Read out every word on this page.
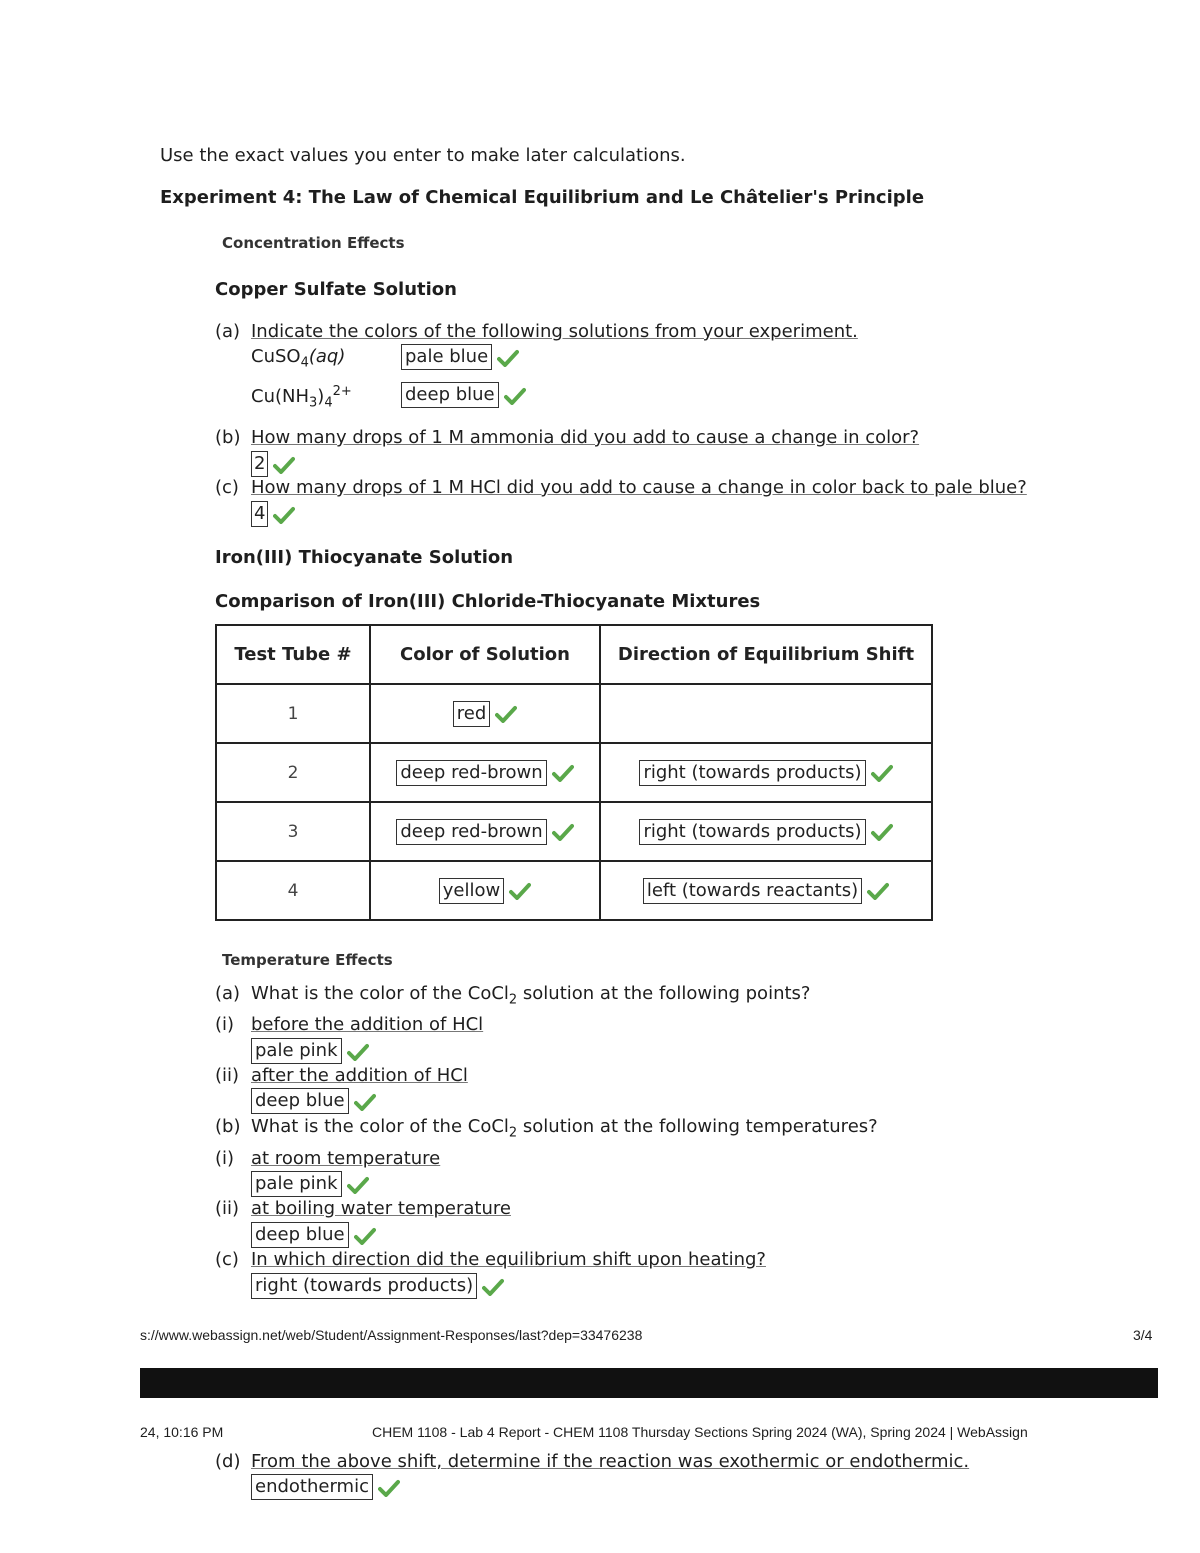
Use the exact values you enter to make later calculations.
Experiment 4: The Law of Chemical Equilibrium and Le Châtelier's Principle
Concentration Effects
Copper Sulfate Solution
(a) Indicate the colors of the following solutions from your experiment.
CuSO$_4$(aq)	pale blue
$Cu(NH_3)_4^{2+}$	deep blue
(b) How many drops of 1 M ammonia did you add to cause a change in color?
2
(c) How many drops of 1 M HCl did you add to cause a change in color back to pale blue?
4
Iron(III) Thiocyanate Solution
Comparison of Iron(III) Chloride-Thiocyanate Mixtures
Test Tube #	Color of Solution	Direction of Equilibrium Shift
1	red

2	deep red-brown	right (towards products)

3	deep red-brown	right (towards products)

4	yellow	left (towards reactants)
Temperature Effects
(a) What is the color of the CoCl$_2$ solution at the following points?
(i) before the addition of HCl
pale pink
(ii) after the addition of HCl
deep blue
(b) What is the color of the CoCl$_2$ solution at the following temperatures?
(i) at room temperature
pale pink
(ii) at boiling water temperature
deep blue
(c) In which direction did the equilibrium shift upon heating?
right (towards products)
s://www.webassign.net/web/Student/Assignment-Responses/last?dep=33476238	3/4
24, 10:16 PM	CHEM 1108 - Lab 4 Report - CHEM 1108 Thursday Sections Spring 2024 (WA), Spring 2024 | WebAssign
(d) From the above shift, determine if the reaction was exothermic or endothermic.
endothermic
